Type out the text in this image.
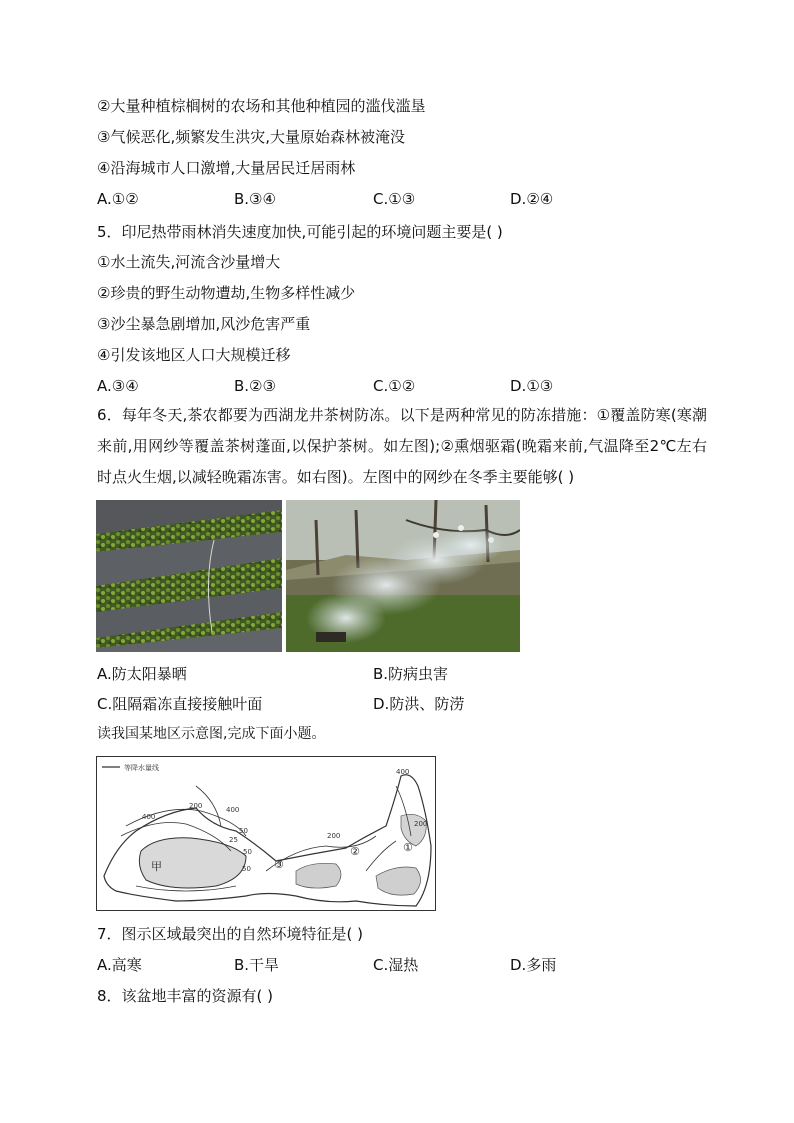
②大量种植棕榈树的农场和其他种植园的滥伐滥垦
③气候恶化,频繁发生洪灾,大量原始森林被淹没
④沿海城市人口激增,大量居民迁居雨林
A.①②	B.③④	C.①③	D.②④
5．印尼热带雨林消失速度加快,可能引起的环境问题主要是( )
①水土流失,河流含沙量增大
②珍贵的野生动物遭劫,生物多样性减少
③沙尘暴急剧增加,风沙危害严重
④引发该地区人口大规模迁移
A.③④	B.②③	C.①②	D.①③
6．每年冬天,茶农都要为西湖龙井茶树防冻。以下是两种常见的防冻措施：①覆盖防寒(寒潮来前,用网纱等覆盖茶树蓬面,以保护茶树。如左图);②熏烟驱霜(晚霜来前,气温降至2℃左右时点火生烟,以减轻晚霜冻害。如右图)。左图中的网纱在冬季主要能够( )
A.防太阳暴晒	B.防病虫害
C.阻隔霜冻直接接触叶面	D.防洪、防涝
读我国某地区示意图,完成下面小题。
等降水量线
200	400
400
50
50
25
50
400
200
200
①
②
③
甲
7．图示区域最突出的自然环境特征是( )
A.高寒	B.干旱	C.湿热	D.多雨
8．该盆地丰富的资源有( )
